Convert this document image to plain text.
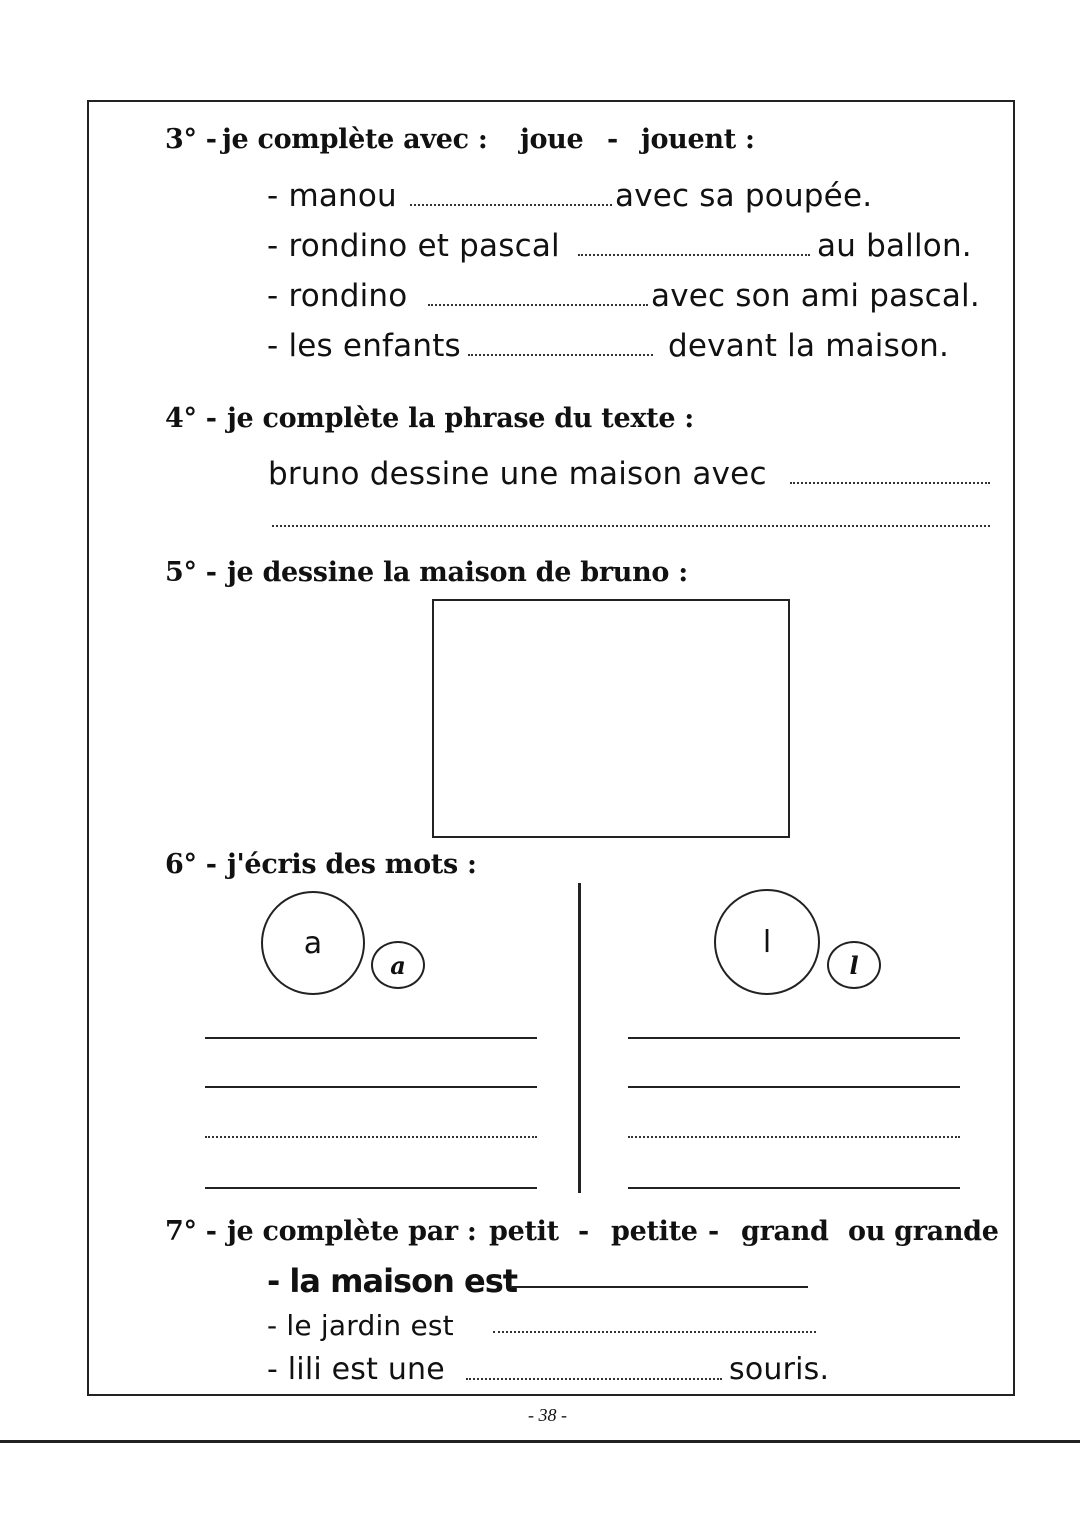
3° - je complète avec : joue - jouent :
- manou	avec sa poupée.
- rondino et pascal	au ballon.
- rondino	avec son ami pascal.
- les enfants	devant la maison.
4° - je complète la phrase du texte :
bruno dessine une maison avec
5° - je dessine la maison de bruno :
6° - j'écris des mots :
a
a
l
l
7° - je complète par : petit - petite - grand ou grande
- la maison est
- le jardin est
- lili est une	souris.
- 38 -
